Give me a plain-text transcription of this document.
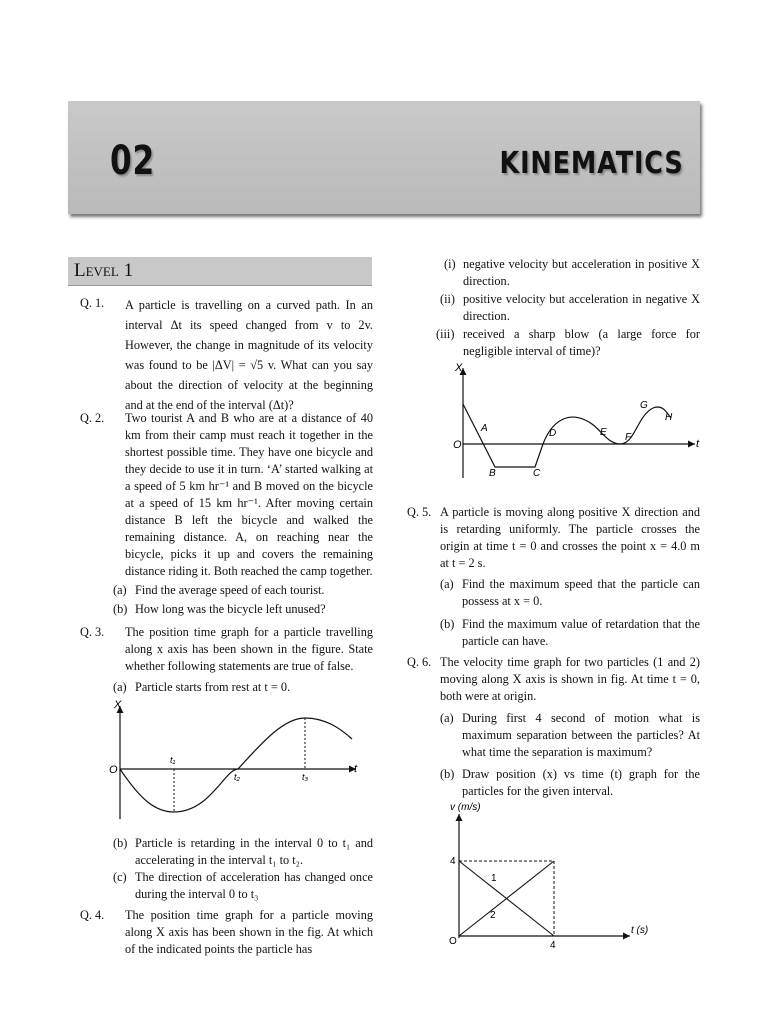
02	KINEMATICS
Level 1
Q. 1.	A particle is travelling on a curved path. In an interval Δt its speed changed from v to 2v. However, the change in magnitude of its velocity was found to be |ΔV| = √5 v. What can you say about the direction of velocity at the beginning and at the end of the interval (Δt)?
Q. 2.	Two tourist A and B who are at a distance of 40 km from their camp must reach it together in the shortest possible time. They have one bicycle and they decide to use it in turn. ‘A’ started walking at a speed of 5 km hr⁻¹ and B moved on the bicycle at a speed of 15 km hr⁻¹. After moving certain distance B left the bicycle and walked the remaining distance. A, on reaching near the bicycle, picks it up and covers the remaining distance riding it. Both reached the camp together.
(a) Find the average speed of each tourist.
(b) How long was the bicycle left unused?
Q. 3.	The position time graph for a particle travelling along x axis has been shown in the figure. State whether following statements are true of false.
(a) Particle starts from rest at t = 0.
X
O	t
t₁
t₂	t₃
(b) Particle is retarding in the interval 0 to t₁ and accelerating in the interval t₁ to t₂.
(c) The direction of acceleration has changed once during the interval 0 to t₃
Q. 4.	The position time graph for a particle moving along X axis has been shown in the fig. At which of the indicated points the particle has
(i) negative velocity but acceleration in positive X direction.
(ii) positive velocity but acceleration in negative X direction.
(iii) received a sharp blow (a large force for negligible interval of time)?
X
O	t
A
B	C
D	E F
G
H
Q. 5. A particle is moving along positive X direction and is retarding uniformly. The particle crosses the origin at time t = 0 and crosses the point x = 4.0 m at t = 2 s.
(a) Find the maximum speed that the particle can possess at x = 0.
(b) Find the maximum value of retardation that the particle can have.
Q. 6. The velocity time graph for two particles (1 and 2) moving along X axis is shown in fig. At time t = 0, both were at origin.
(a) During first 4 second of motion what is maximum separation between the particles? At what time the separation is maximum?
(b) Draw position (x) vs time (t) graph for the particles for the given interval.
v (m/s)
t (s)
4
4
O
1
2
